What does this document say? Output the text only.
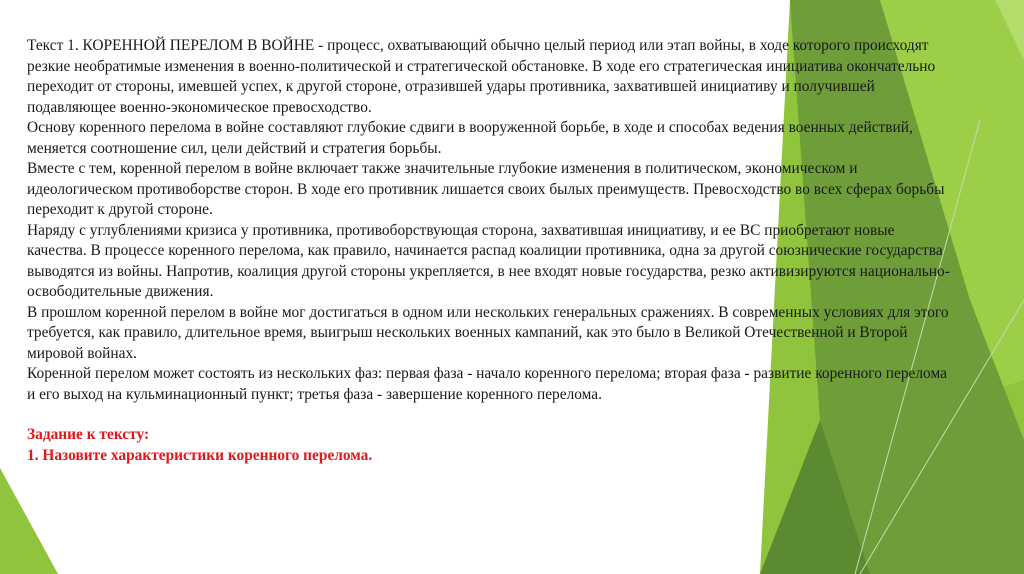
Текст 1. КОРЕННОЙ ПЕРЕЛОМ В ВОЙНЕ - процесс, охватывающий обычно целый период или этап войны, в ходе которого происходят резкие необратимые изменения в военно-политической и стратегической обстановке. В ходе его стратегическая инициатива окончательно переходит от стороны, имевшей успех, к другой стороне, отразившей удары противника, захватившей инициативу и получившей подавляющее военно-экономическое превосходство.

Основу коренного перелома в войне составляют глубокие сдвиги в вооруженной борьбе, в ходе и способах ведения военных действий, меняется соотношение сил, цели действий и стратегия борьбы.

Вместе с тем, коренной перелом в войне включает также значительные глубокие изменения в политическом, экономическом и идеологическом противоборстве сторон. В ходе его противник лишается своих былых преимуществ. Превосходство во всех сферах борьбы переходит к другой стороне.

Наряду с углублениями кризиса у противника, противоборствующая сторона, захватившая инициативу, и ее ВС приобретают новые качества. В процессе коренного перелома, как правило, начинается распад коалиции противника, одна за другой союзнические государства выводятся из войны. Напротив, коалиция другой стороны укрепляется, в нее входят новые государства, резко активизируются национально-освободительные движения.

В прошлом коренной перелом в войне мог достигаться в одном или нескольких генеральных сражениях. В современных условиях для этого требуется, как правило, длительное время, выигрыш нескольких военных кампаний, как это было в Великой Отечественной и Второй мировой войнах.

Коренной перелом может состоять из нескольких фаз: первая фаза - начало коренного перелома; вторая фаза - развитие коренного перелома и его выход на кульминационный пункт; третья фаза - завершение коренного перелома.

Задание к тексту:

1. Назовите характеристики коренного перелома.
